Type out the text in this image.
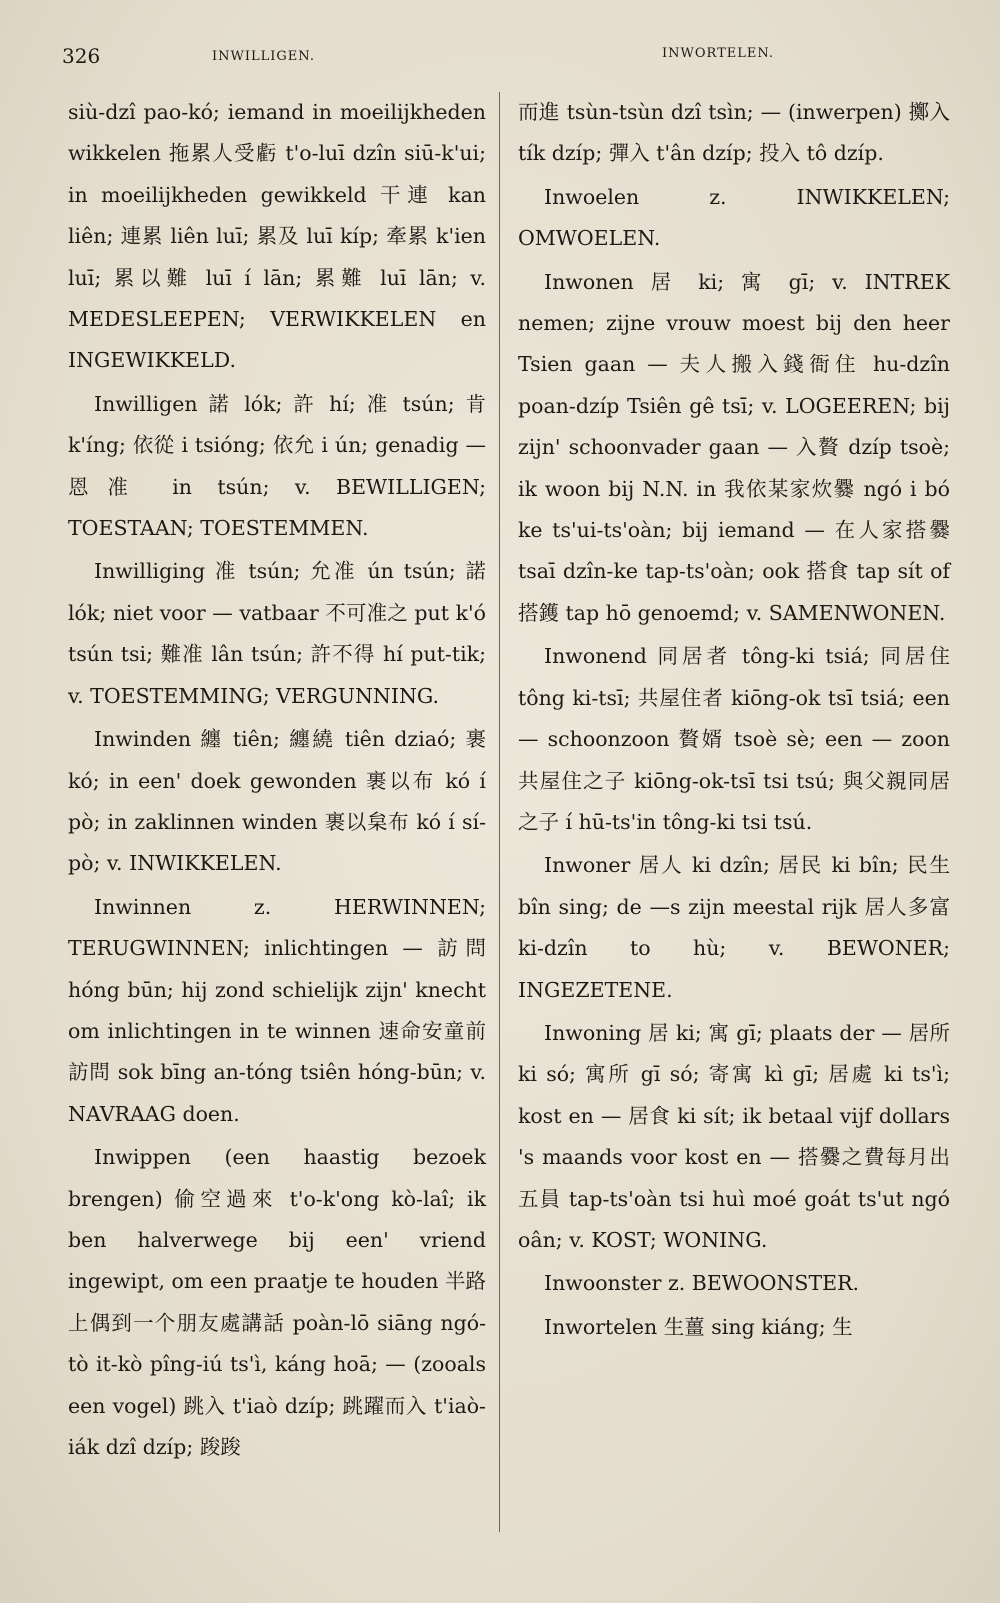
326	INWILLIGEN.	INWORTELEN.

siù-dzî pao-kó; iemand in moeilijkheden wikkelen 拖累人受虧 t'o-luī dzîn siū-k'ui; in moeilijkheden gewikkeld 干連 kan liên; 連累 liên luī; 累及 luī kíp; 牽累 k'ien luī; 累以難 luī í lān; 累難 luī lān; v. MEDESLEEPEN; VERWIKKELEN en INGEWIKKELD.

Inwilligen 諾 lók; 許 hí; 准 tsún; 肯 k'íng; 依從 i tsióng; 依允 i ún; genadig — 恩准 in tsún; v. BEWILLIGEN; TOESTAAN; TOESTEMMEN.

Inwilliging 准 tsún; 允准 ún tsún; 諾 lók; niet voor — vatbaar 不可准之 put k'ó tsún tsi; 難准 lân tsún; 許不得 hí put-tik; v. TOESTEMMING; VERGUNNING.

Inwinden 纏 tiên; 纏繞 tiên dziaó; 裹 kó; in een' doek gewonden 裹以布 kó í pò; in zaklinnen winden 裹以枲布 kó í sí-pò; v. INWIKKELEN.

Inwinnen z. HERWINNEN; TERUGWINNEN; inlichtingen — 訪問 hóng būn; hij zond schielijk zijn' knecht om inlichtingen in te winnen 速命安童前訪問 sok bīng an-tóng tsiên hóng-būn; v. NAVRAAG doen.

Inwippen (een haastig bezoek brengen) 偷空過來 t'o-k'ong kò-laî; ik ben halverwege bij een' vriend ingewipt, om een praatje te houden 半路上偶到一个朋友處講話 poàn-lō siāng ngó-tò it-kò pîng-iú ts'ì, káng hoā; — (zooals een vogel) 跳入 t'iaò dzíp; 跳躍而入 t'iaò-iák dzî dzíp; 踆踆

而進 tsùn-tsùn dzî tsìn; — (inwerpen) 擲入 tík dzíp; 彈入 t'ân dzíp; 投入 tô dzíp.

Inwoelen z. INWIKKELEN; OMWOELEN.

Inwonen 居 ki; 寓 gī; v. INTREK nemen; zijne vrouw moest bij den heer Tsien gaan — 夫人搬入錢衙住 hu-dzîn poan-dzíp Tsiên gê tsī; v. LOGEEREN; bij zijn' schoonvader gaan — 入贅 dzíp tsoè; ik woon bij N.N. in 我依某家炊爨 ngó i bó ke ts'ui-ts'oàn; bij iemand — 在人家搭爨 tsaī dzîn-ke tap-ts'oàn; ook 搭食 tap sít of 搭鑊 tap hō genoemd; v. SAMENWONEN.

Inwonend 同居者 tông-ki tsiá; 同居住 tông ki-tsī; 共屋住者 kiōng-ok tsī tsiá; een — schoonzoon 贅婿 tsoè sè; een — zoon 共屋住之子 kiōng-ok-tsī tsi tsú; 與父親同居之子 í hū-ts'in tông-ki tsi tsú.

Inwoner 居人 ki dzîn; 居民 ki bîn; 民生 bîn sing; de —s zijn meestal rijk 居人多富 ki-dzîn to hù; v. BEWONER; INGEZETENE.

Inwoning 居 ki; 寓 gī; plaats der — 居所 ki só; 寓所 gī só; 寄寓 kì gī; 居處 ki ts'ì; kost en — 居食 ki sít; ik betaal vijf dollars 's maands voor kost en — 搭爨之費每月出五員 tap-ts'oàn tsi huì moé goát ts'ut ngó oân; v. KOST; WONING.

Inwoonster z. BEWOONSTER.

Inwortelen 生薑 sing kiáng; 生
